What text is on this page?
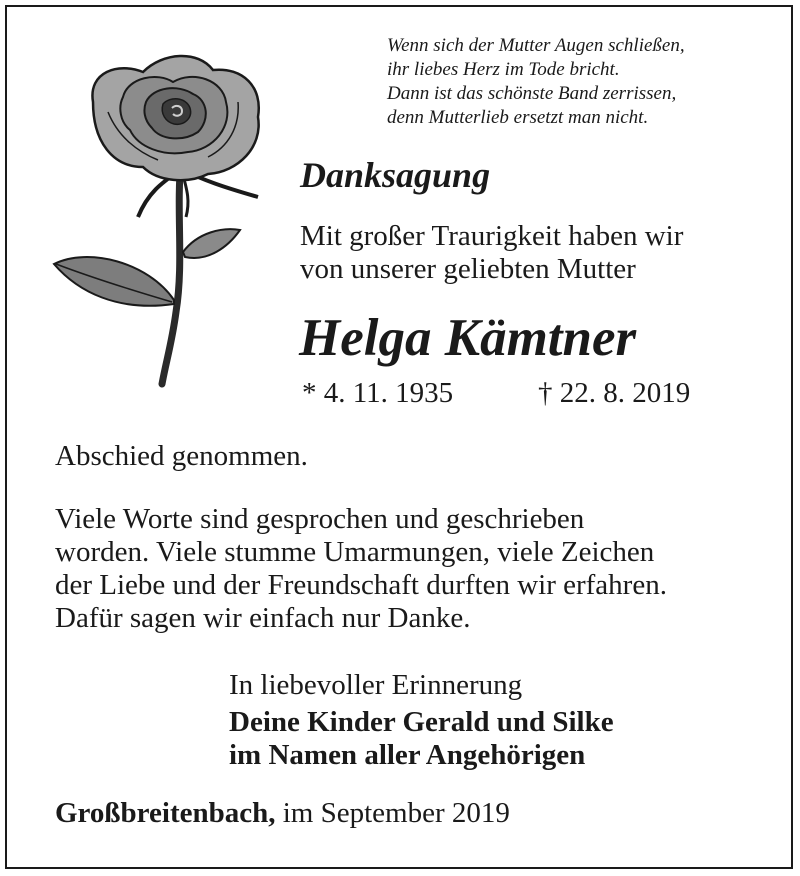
Wenn sich der Mutter Augen schließen,
ihr liebes Herz im Tode bricht.
Dann ist das schönste Band zerrissen,
denn Mutterlieb ersetzt man nicht.
Danksagung
Mit großer Traurigkeit haben wir
von unserer geliebten Mutter
Helga Kämtner
* 4. 11. 1935	† 22. 8. 2019
Abschied genommen.
Viele Worte sind gesprochen und geschrieben
worden. Viele stumme Umarmungen, viele Zeichen
der Liebe und der Freundschaft durften wir erfahren.
Dafür sagen wir einfach nur Danke.
In liebevoller Erinnerung
Deine Kinder Gerald und Silke
im Namen aller Angehörigen
Großbreitenbach, im September 2019
